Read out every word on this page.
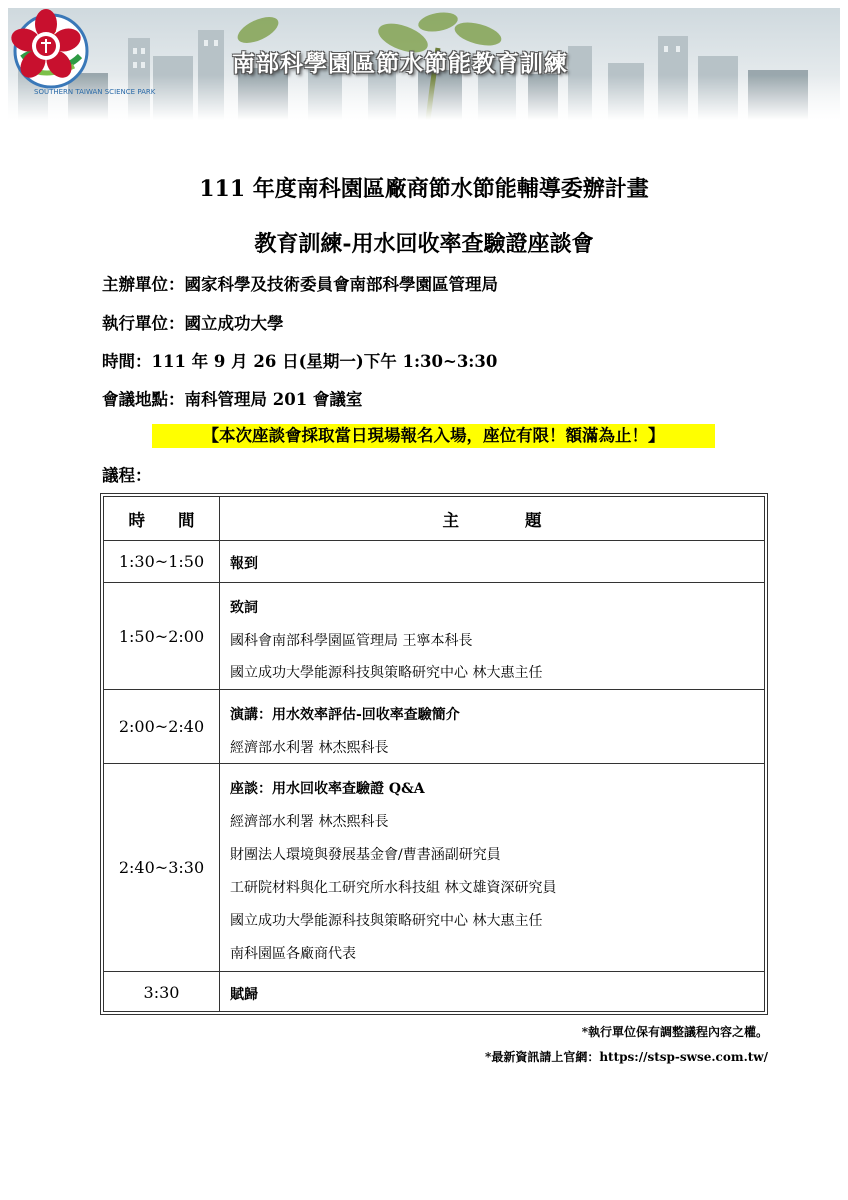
SOUTHERN TAIWAN SCIENCE PARK
南部科學園區節水節能教育訓練
111 年度南科園區廠商節水節能輔導委辦計畫
教育訓練-用水回收率查驗證座談會
主辦單位：國家科學及技術委員會南部科學園區管理局
執行單位：國立成功大學
時間：111 年 9 月 26 日(星期一)下午 1:30~3:30
會議地點：南科管理局 201 會議室
【本次座談會採取當日現場報名入場，座位有限！額滿為止！】
議程：
時　　間	主　　　　題
1:30~1:50	報到
1:50~2:00
致詞
國科會南部科學園區管理局 王寧本科長
國立成功大學能源科技與策略研究中心 林大惠主任
2:00~2:40
演講：用水效率評估-回收率查驗簡介
經濟部水利署 林杰熙科長
2:40~3:30
座談：用水回收率查驗證 Q&A
經濟部水利署 林杰熙科長
財團法人環境與發展基金會/曹書涵副研究員
工研院材料與化工研究所水科技組 林文雄資深研究員
國立成功大學能源科技與策略研究中心 林大惠主任
南科園區各廠商代表
3:30	賦歸
*執行單位保有調整議程內容之權。
*最新資訊請上官網：https://stsp-swse.com.tw/
